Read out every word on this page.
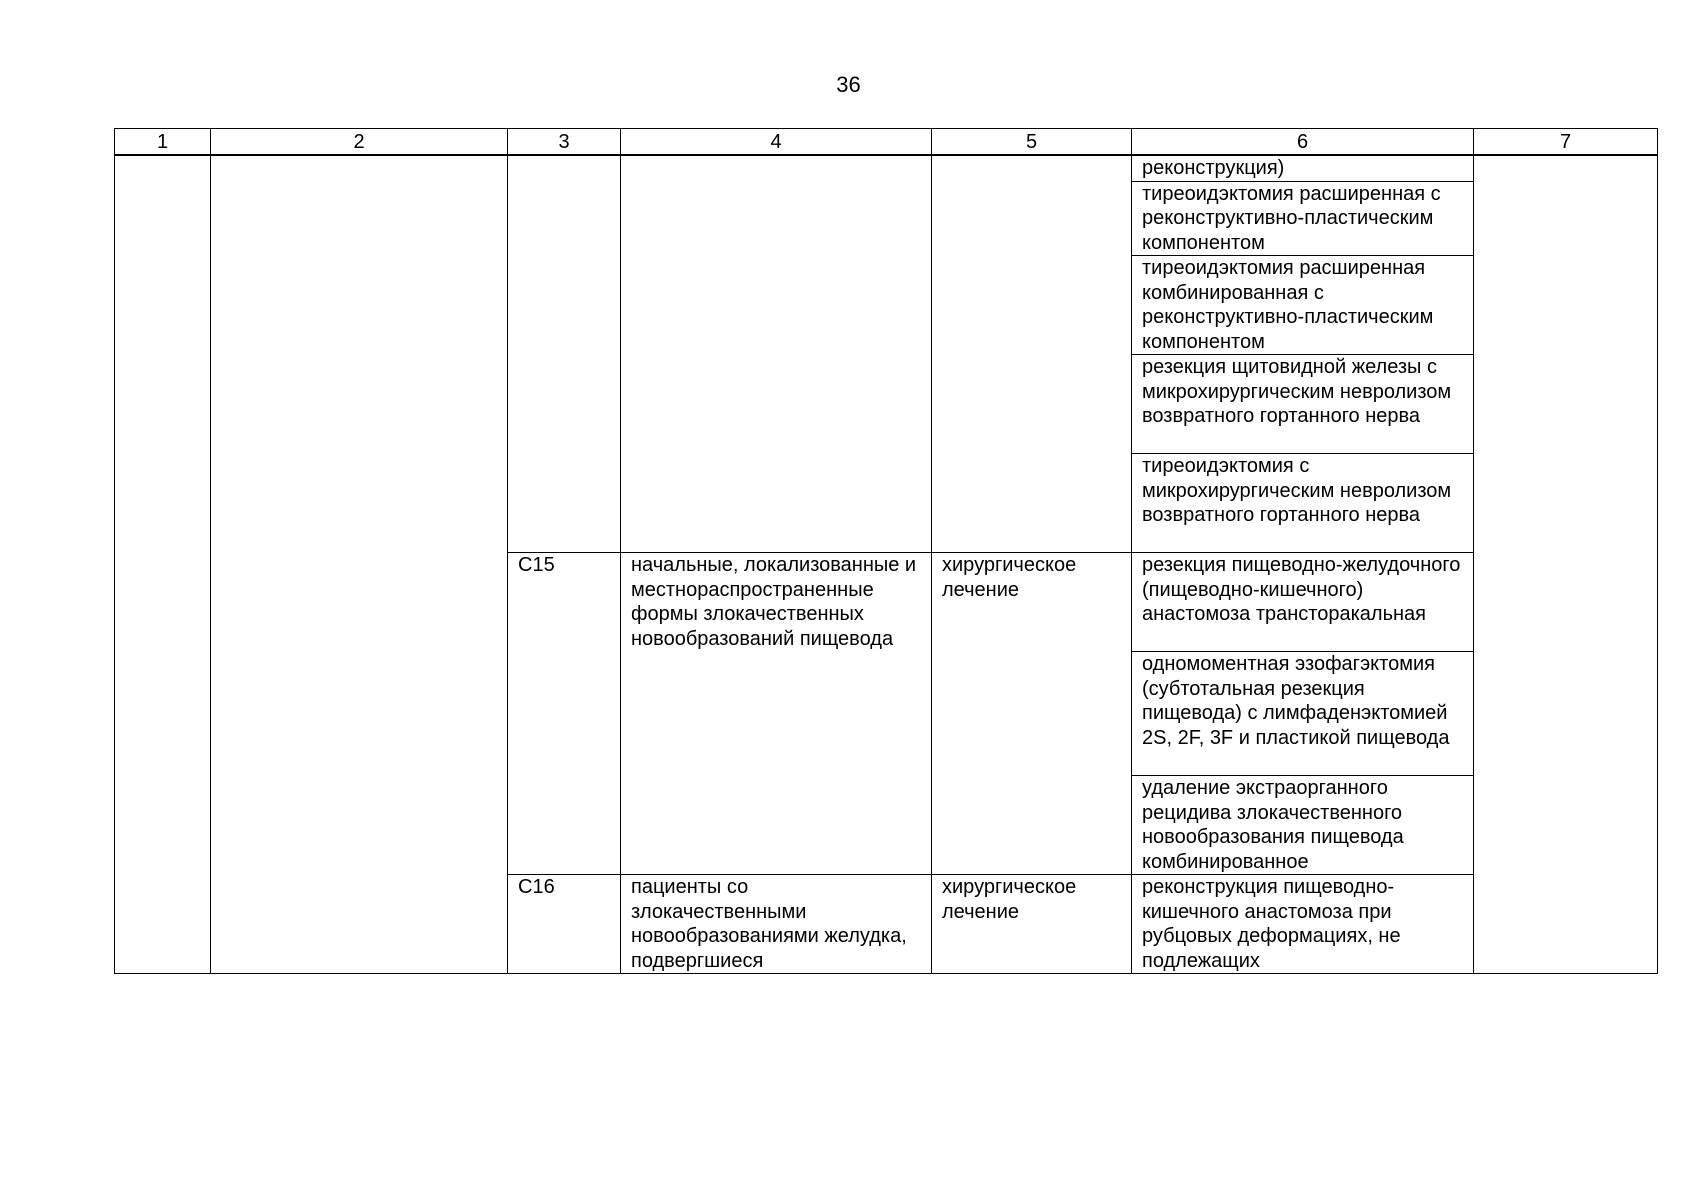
36
1	2	3	4	5	6	7
					реконструкция)	
					тиреоидэктомия расширенная с реконструктивно-пластическим компонентом	
					тиреоидэктомия расширенная комбинированная с реконструктивно-пластическим компонентом	
					резекция щитовидной железы с микрохирургическим невролизом возвратного гортанного нерва	
					тиреоидэктомия с микрохирургическим невролизом возвратного гортанного нерва	
		C15	начальные, локализованные и местнораспространенные формы злокачественных новообразований пищевода	хирургическое лечение	резекция пищеводно-желудочного (пищеводно-кишечного) анастомоза трансторакальная	
					одномоментная эзофагэктомия (субтотальная резекция пищевода) с лимфаденэктомией 2S, 2F, 3F и пластикой пищевода	
					удаление экстраорганного рецидива злокачественного новообразования пищевода комбинированное	
		C16	пациенты со злокачественными новообразованиями желудка, подвергшиеся	хирургическое лечение	реконструкция пищеводно-кишечного анастомоза при рубцовых деформациях, не подлежащих	
